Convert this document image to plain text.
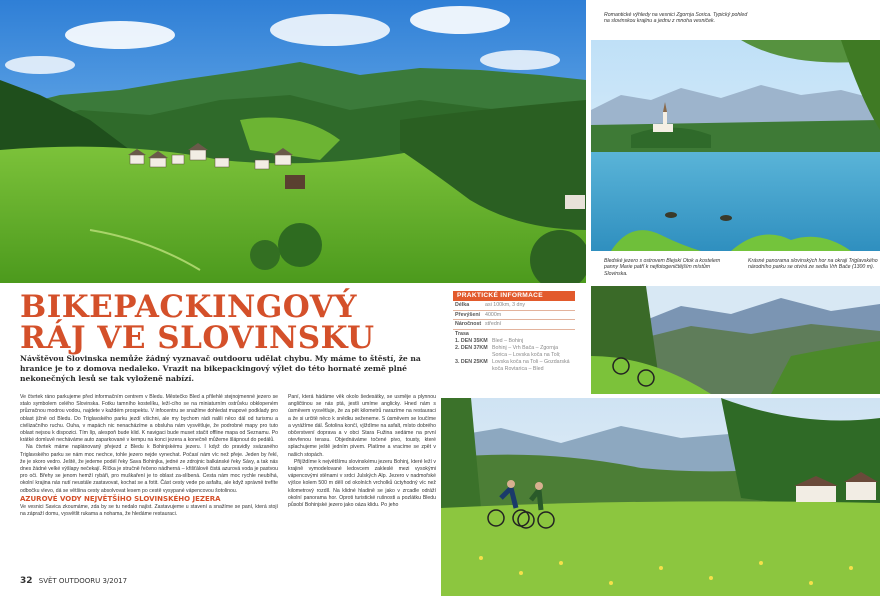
Romantické výhledy na vesnici Zgornja Sorica. Typický pohled na slovinskou krajinu a jednu z mnoha vesniček.
Bledské jezero s ostrovem Blejski Otok a kostelem panny Marie patří k nejfotogeničtějším místům Slovinska.
Krásné panorama slovinských hor na okraji Triglavského národního parku se otvírá ze sedla Vrh Bače (1300 m).
BIKEPACKINGOVÝ
RÁJ VE SLOVINSKU
Návštěvou Slovinska nemůže žádný vyznavač outdooru udělat chybu. My máme to štěstí, že na hranice je to z domova nedaleko. Vrazit na bikepackingový výlet do této hornaté země plné nekonečných lesů se tak vyloženě nabízí.

Ve čtvrtek ráno parkujeme před informačním centrem v Bledu. Městečko Bled a přilehlé stejnojmenné jezero se stalo symbolem celého Slovinska. Fotku tamního kostelíku, leží-cího se na miniaturním ostrůvku obklopeném průzračnou modrou vodou, najdete v každém prospektu. V infocentru se snažíme dohledat mapové podklady pro oblast jižně od Bledu. Do Triglavského parku jezdí všichni, ale my bychom rádi nalili něco dál od turismu a civilizačního ruchu. Ouha, v mapách nic nenacházíme a obsluha nám vysvětluje, že podrobné mapy pro tuto oblast nejsou k dispozici. Tím líp, alespoň bude klid. K navigaci bude muset stačit offline mapa od Seznamu. Po krátké domluvě necháváme auto zaparkované v kempu na konci jezera a konečně můžeme šlápnout do pedálů.

Na čtvrtek máme naplánovaný přejezd z Bledu k Bohinjskému jezeru. I když do pravidly svázaného Triglavského parku se nám moc nechce, tohle jezero nejde vynechat. Počasí nám víc než přeje. Jeden by řekl, že je skoro vedro. Ještě, že jedeme podél řeky Sava Bohinjka, jedné ze zdrojnic balkánské řeky Sávy, a tak nás dnes žádné velké výšlapy nečekají. Říčka je stručně řečeno nádherná – křišťálově čistá azurová voda je pastvou pro oči. Břehy se jenom hemží rybáři, pro muškaření je to oblast za-slíbená. Cesta nám moc rychle neubíhá, okolní krajina nás nutí neustále zastavovat, kochat se a fotit. Část cesty vede po asfaltu, ale když správně trefíte odbočku vlevo, dá se většina cesty absolvovat lesem po cestě vysypané vápencovou šotolinou.

AZUROVÉ VODY NEJVĚTŠÍHO SLOVINSKÉHO JEZERA

Ve vesnici Savica zkoumáme, zda by se tu nedalo najíst. Zastavujeme u stavení a snažíme se paní, která stojí na zápraží domu, vysvětlit rukama a nohama, že hledáme restauraci.

Paní, která hádáme věk okolo šedesátky, se usměje a plynnou angličtinou se nás ptá, jestli umíme anglicky. Hned nám s úsměvem vysvětluje, že za pět kilometrů narazíme na restauraci a že si určitě něco k snědku seženeme. S úsměvem se loučíme a vyrážíme dál. Šotolina končí, vjíždíme na asfalt, místo dobrého občerstvení doprava a v obci Stara Fužina sedáme na první otevřenou terasu. Objednáváme točené pivo, tousty, které splachujeme ještě jedním pivem. Platíme a vracíme se zpět v našich stopách.

Přijíždíme k největšímu slovinskému jezeru Bohinj, které leží v krajině vymodelované ledovcem zakleslé mezi vysokými vápencovými stěnami v srdci Julských Alp. Jezero v nadmořské výšce kolem 500 m dělí od okolních vrcholků úctyhodný víc než kilometrový rozdíl. Na klidné hladině se jako v zrcadle odráží okolní panorama hor. Oproti turistické rušnosti a pozlátku Bledu působí Bohinjské jezero jako oáza klidu. Po jeho

PRAKTICKÉ INFORMACE
Délka	asi 100km, 3 dny
Převýšení 4000m
Náročnost střední
Trasa
1. DEN 35KM Bled – Bohinj
2. DEN 37KM Bohinj – Vrh Bača – Zgornja Sorica – Lovska koča na Toli;
3. DEN 25KM Lovska koča na Toli – Gozdarská koča Rovtarica – Bled
32 SVĚT OUTDOORU 3/2017
